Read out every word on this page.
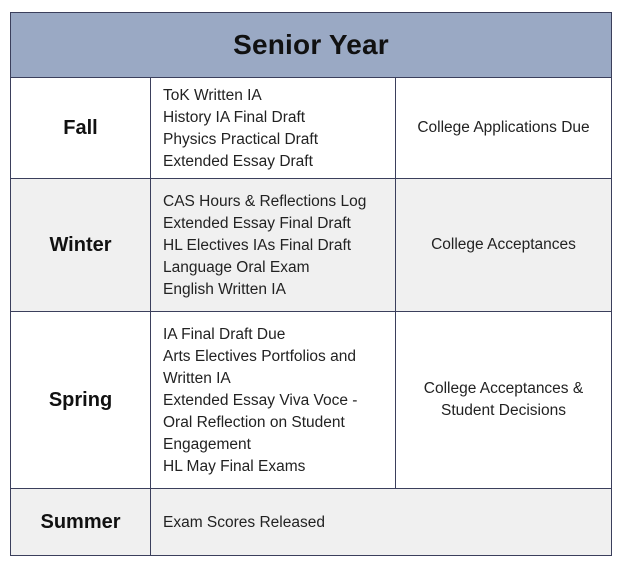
Senior Year
Fall
ToK Written IA
History IA Final Draft
Physics Practical Draft
Extended Essay Draft
College Applications Due
Winter
CAS Hours & Reflections Log
Extended Essay Final Draft
HL Electives IAs Final Draft
Language Oral Exam
English Written IA
College Acceptances
Spring
IA Final Draft Due
Arts Electives Portfolios and Written IA
Extended Essay Viva Voce - Oral Reflection on Student Engagement
HL May Final Exams
College Acceptances & Student Decisions
Summer	Exam Scores Released
